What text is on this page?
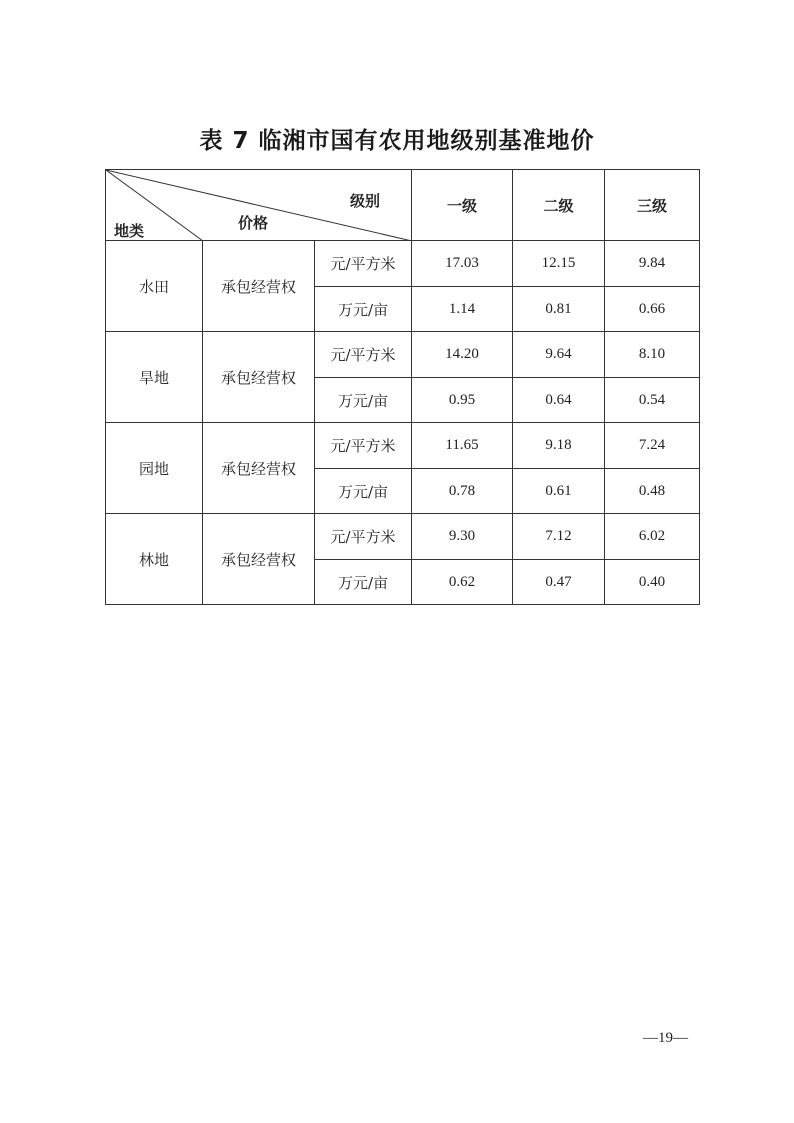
表 7 临湘市国有农用地级别基准地价
级别
价格
地类			一级	二级	三级
水田	承包经营权	元/平方米	17.03	12.15	9.84
		万元/亩	1.14	0.81	0.66
旱地	承包经营权	元/平方米	14.20	9.64	8.10
		万元/亩	0.95	0.64	0.54
园地	承包经营权	元/平方米	11.65	9.18	7.24
		万元/亩	0.78	0.61	0.48
林地	承包经营权	元/平方米	9.30	7.12	6.02
		万元/亩	0.62	0.47	0.40
—19—
